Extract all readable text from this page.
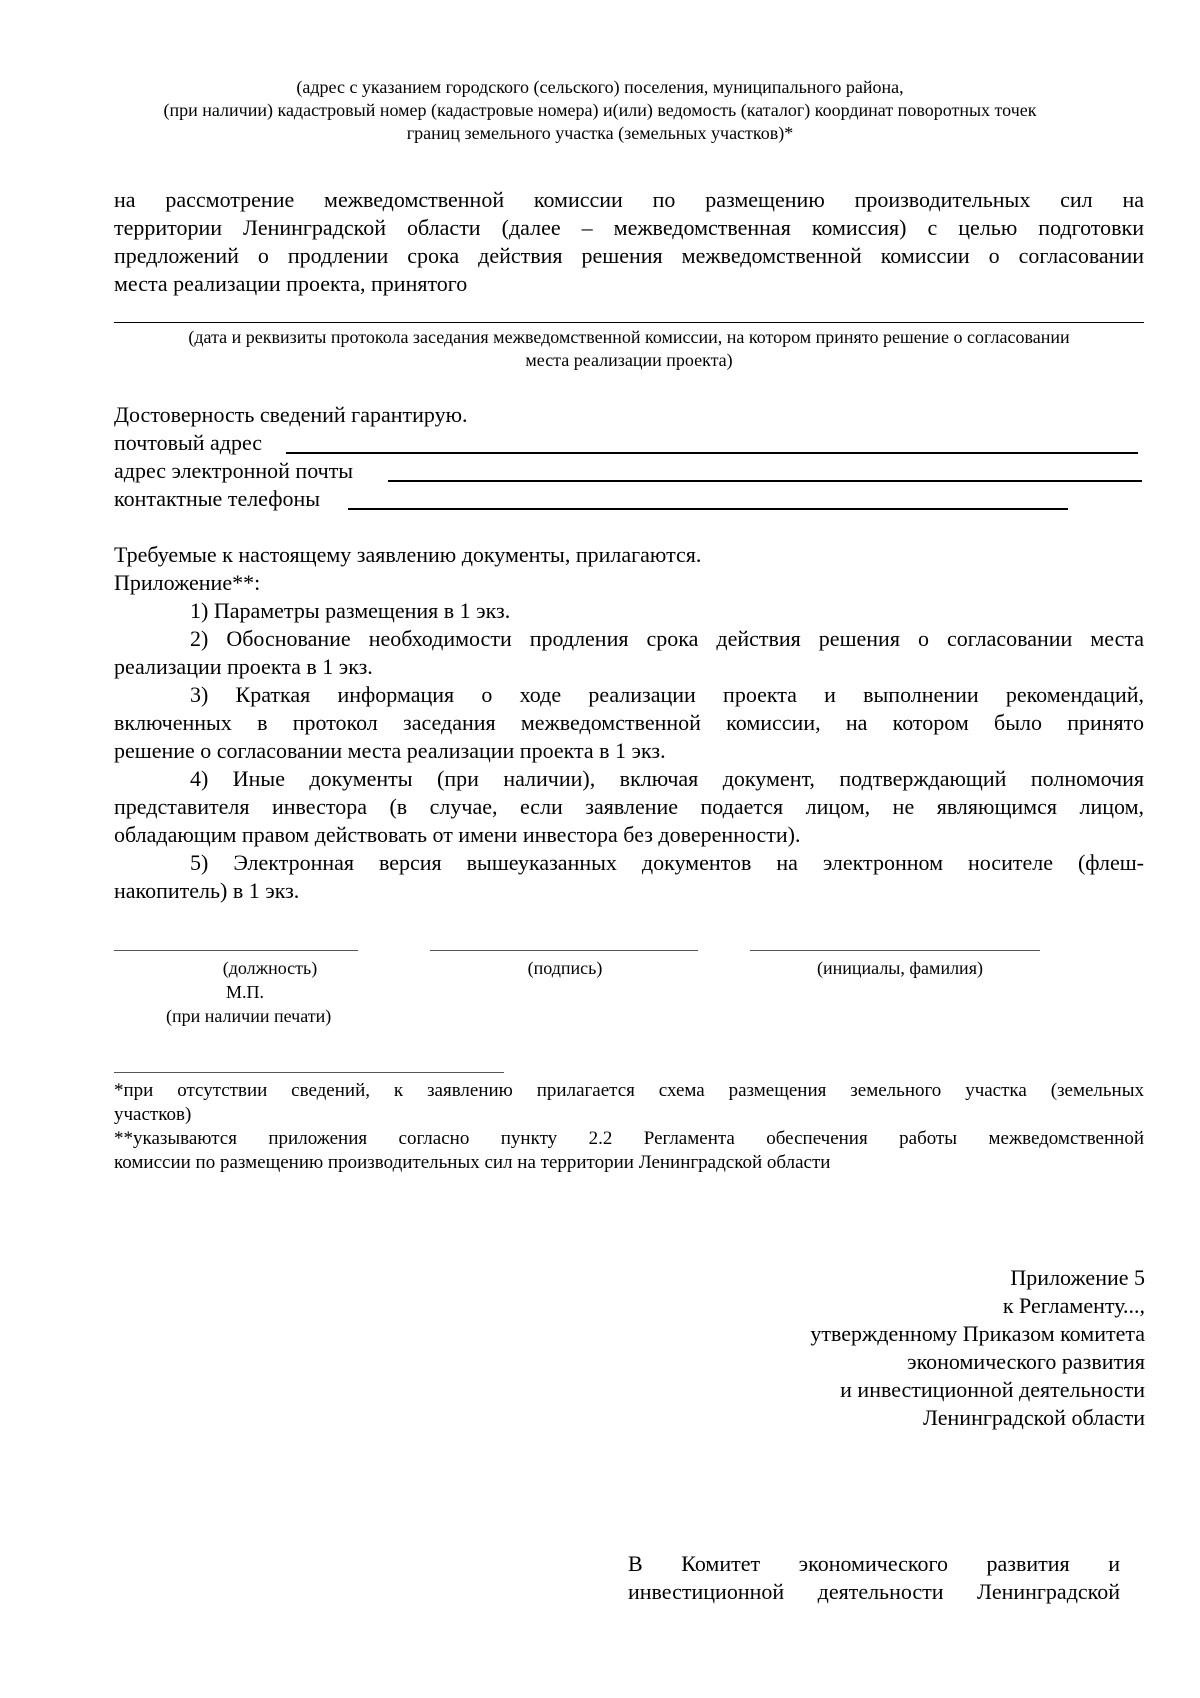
(адрес с указанием городского (сельского) поселения, муниципального района,

(при наличии) кадастровый номер (кадастровые номера) и(или) ведомость (каталог) координат поворотных точек

границ земельного участка (земельных участков)*

на рассмотрение межведомственной комиссии по размещению производительных сил на

территории Ленинградской области (далее – межведомственная комиссия) с целью подготовки

предложений о продлении срока действия решения межведомственной комиссии о согласовании

места реализации проекта, принятого

(дата и реквизиты протокола заседания межведомственной комиссии, на котором принято решение о согласовании

места реализации проекта)

Достоверность сведений гарантирую.
почтовый адрес
адрес электронной почты
контактные телефоны
Требуемые к настоящему заявлению документы, прилагаются.
Приложение**:

1) Параметры размещения в 1 экз.

2) Обоснование необходимости продления срока действия решения о согласовании места

реализации проекта в 1 экз.

3) Краткая информация о ходе реализации проекта и выполнении рекомендаций,

включенных в протокол заседания межведомственной комиссии, на котором было принято

решение о согласовании места реализации проекта в 1 экз.

4) Иные документы (при наличии), включая документ, подтверждающий полномочия

представителя инвестора (в случае, если заявление подается лицом, не являющимся лицом,

обладающим правом действовать от имени инвестора без доверенности).

5) Электронная версия вышеуказанных документов на электронном носителе (флеш-

накопитель) в 1 экз.

(должность)	(подпись)	(инициалы, фамилия)
М.П.
(при наличии печати)

*при отсутствии сведений, к заявлению прилагается схема размещения земельного участка (земельных

участков)

**указываются приложения согласно пункту 2.2 Регламента обеспечения работы межведомственной

комиссии по размещению производительных сил на территории Ленинградской области

Приложение 5

к Регламенту...,

утвержденному Приказом комитета

экономического развития

и инвестиционной деятельности

Ленинградской области

В Комитет экономического развития и

инвестиционной деятельности Ленинградской
